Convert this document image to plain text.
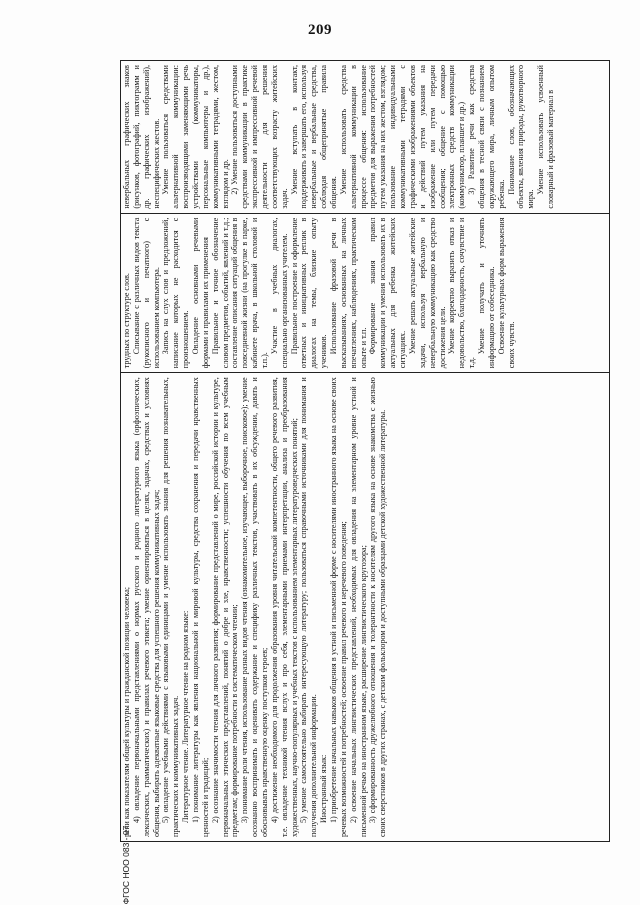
209

речи как показателям общей культуры и гражданской позиции человека; 4) овладение первоначальными представлениями о нормах русского и родного литературного языка (орфоэпических, лексических, грамматических) и правилах речевого этикета; умение ориентироваться в целях, задачах, средствах и условиях общения, выбирать адекватные языковые средства для успешного решения коммуникативных задач; 5) овладение учебными действиями с языковыми единицами и умение использовать знания для решения познавательных, практических и коммуникативных задач. Литературное чтение. Литературное чтение на родном языке: 1) понимание литературы как явления национальной и мировой культуры, средства сохранения и передачи нравственных ценностей и традиций; 2) осознание значимости чтения для личного развития; формирование представлений о мире, российской истории и культуре, первоначальных этических представлений, понятий о добре и зле, нравственности; успешности обучения по всем учебным предметам; формирование потребности в систематическом чтении; 3) понимание роли чтения, использование разных видов чтения (ознакомительное, изучающее, выборочное, поисковое); умение осознанно воспринимать и оценивать содержание и специфику различных текстов, участвовать в их обсуждении, давать и обосновывать нравственную оценку поступков героев; 4) достижение необходимого для продолжения образования уровня читательской компетентности, общего речевого развития, т.е. овладение техникой чтения вслух и про себя, элементарными приемами интерпретации, анализа и преобразования художественных, научно-популярных и учебных текстов с использованием элементарных литературоведческих понятий; 5) умение самостоятельно выбирать интересующую литературу; пользоваться справочными источниками для понимания и получения дополнительной информации. Иностранный язык: 1) приобретение начальных навыков общения в устной и письменной форме с носителями иностранного языка на основе своих речевых возможностей и потребностей; освоение правил речевого и неречевого поведения; 2) освоение начальных лингвистических представлений, необходимых для овладения на элементарном уровне устной и письменной речью на иностранном языке, расширение лингвистического кругозора; 3) сформированность дружелюбного отношения и толерантности к носителям другого языка на основе знакомства с жизнью своих сверстников в других странах, с детским фольклором и доступными образцами детской художественной литературы.

трудных по структуре слов. Списывание с различных видов текста (рукописного и печатного) с использованием компьютера. Запись на слух слов и предложений, написание которых не расходится с произношением. Овладение основными речевыми формами и правилами их применения Правильное и точное обозначение словом предметов, событий, явлений и т.д.; составление описания ситуаций общения в повседневной жизни (на прогулке в парке, кабинете врача, в школьной столовой и т.п.).

Участие в учебных диалогах, специально организованных учителем. Правильное построение и оформление ответных и инициативных реплик в диалогах на темы, близкие опыту учеников. Использование фразовой речи в высказываниях, основанных на личных впечатлениях, наблюдениях, практическом опыте и т.п. Формирование знания правил коммуникации и умения использовать их в актуальных для ребенка житейских ситуациях. Умение решать актуальные житейские задачи, используя вербальную и невербальную коммуникацию как средство достижения цели. Умение корректно выразить отказ и недовольство, благодарность, сочувствие и т.д.

Умение получать и уточнять информацию от собеседника. Освоение культурных форм выражения своих чувств.

невербальных графических знаков (рисунков, фотографий, пиктограмм и др. графических изображений), неспецифических жестов. Умение пользоваться средствами альтернативной коммуникации: воспроизводящими заменяющими речь устройствами (коммуникаторы, персональные компьютеры и др.), коммуникативными тетрадями, жестом, взглядом и др. 2) Умение пользоваться доступными средствами коммуникации в практике экспрессивной и импрессивной речевой деятельности для решения соответствующих возрасту житейских задач.

Умение вступать в контакт, поддерживать и завершать его, используя невербальные и вербальные средства, соблюдая общепринятые правила общения. Умение использовать средства альтернативной коммуникации в процессе общения: использование предметов для выражения потребностей путем указания на них жестом, взглядом; пользование индивидуальными коммуникативными тетрадями с графическими изображениями объектов и действий путем указания на изображение или путем передачи сообщения; общение с помощью электронных средств коммуникации (коммуникатор, планшет и др.) 3) Развитие речи как средства общения в тесной связи с познанием окружающего мира, личным опытом ребенка. Понимание слов, обозначающих объекты, явления природы, рукотворного мира.

Умение использовать усвоенный словарный и фразовый материал в

ФГОС НОО 083 - 07
